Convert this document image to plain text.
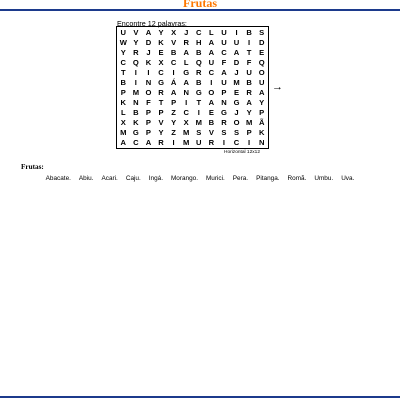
Frutas
Encontre 12 palavras:
U V A Y X	J	C L U	I	B S
W Y D K V R H A U U	I	D
Y R	J	E B A B A C A T	E
C Q K X C L Q U F D F Q
T	I	I	C	I	G R C A	J	U O
B	I	N G Á A B	I	U M B U
P M O R A N G O P E R A
K N F	T	P	I	T A N G A Y
L B P P	Z C	I	E G J	Y P
X K P V Y X M B R O M Ã
M G P Y	Z M S V S S P K
A C A R	I	M U R	I	C	I	N
→
Horizontal 12x12
Frutas:
Abacate. Abiu. Acari. Caju. Ingá. Morango. Murici. Pera. Pitanga. Romã. Umbu. Uva.
